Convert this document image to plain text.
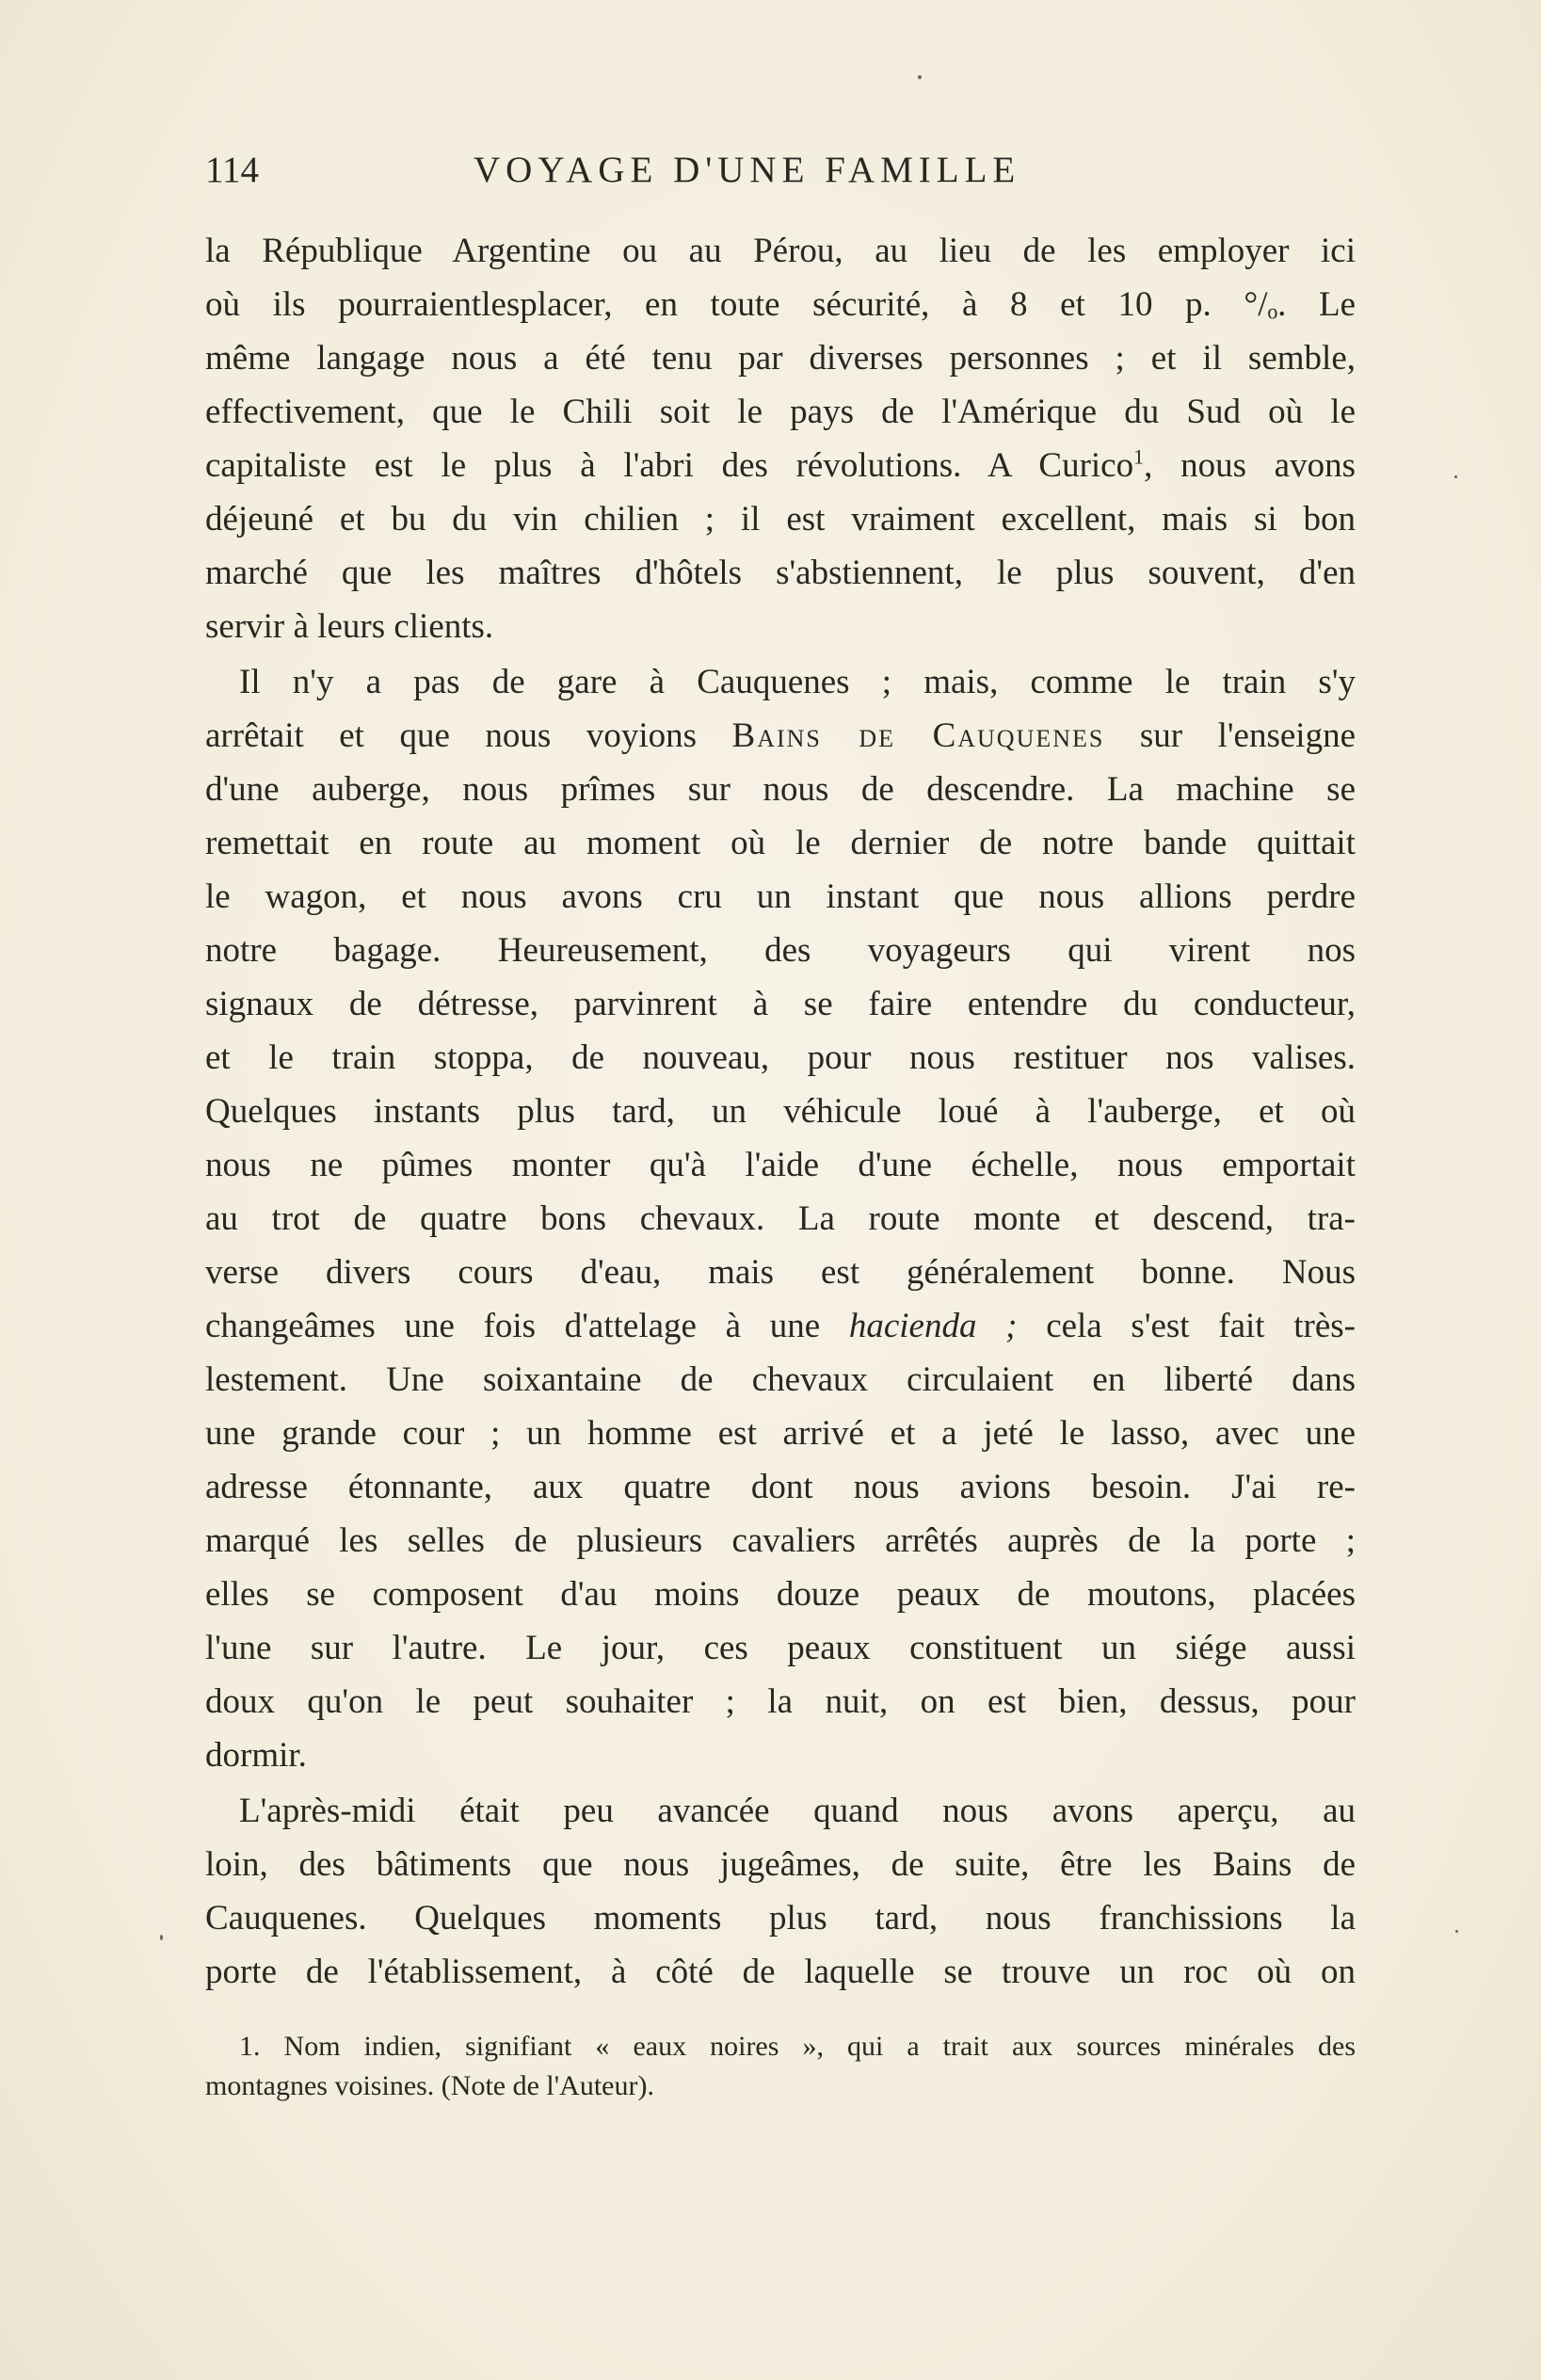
114	VOYAGE D'UNE FAMILLE
la République Argentine ou au Pérou, au lieu de les employer ici
où ils pourraientlesplacer, en toute sécurité, à 8 et 10 p. °/ₒ. Le
même langage nous a été tenu par diverses personnes ; et il semble,
effectivement, que le Chili soit le pays de l'Amérique du Sud où le
capitaliste est le plus à l'abri des révolutions. A Curico$^1$, nous avons
déjeuné et bu du vin chilien ; il est vraiment excellent, mais si bon
marché que les maîtres d'hôtels s'abstiennent, le plus souvent, d'en
servir à leurs clients.
Il n'y a pas de gare à Cauquenes ; mais, comme le train s'y
arrêtait et que nous voyions Bains de Cauquenes sur l'enseigne
d'une auberge, nous prîmes sur nous de descendre. La machine se
remettait en route au moment où le dernier de notre bande quittait
le wagon, et nous avons cru un instant que nous allions perdre
notre bagage. Heureusement, des voyageurs qui virent nos
signaux de détresse, parvinrent à se faire entendre du conducteur,
et le train stoppa, de nouveau, pour nous restituer nos valises.
Quelques instants plus tard, un véhicule loué à l'auberge, et où
nous ne pûmes monter qu'à l'aide d'une échelle, nous emportait
au trot de quatre bons chevaux. La route monte et descend, tra-
verse divers cours d'eau, mais est généralement bonne. Nous
changeâmes une fois d'attelage à une hacienda ; cela s'est fait très-
lestement. Une soixantaine de chevaux circulaient en liberté dans
une grande cour ; un homme est arrivé et a jeté le lasso, avec une
adresse étonnante, aux quatre dont nous avions besoin. J'ai re-
marqué les selles de plusieurs cavaliers arrêtés auprès de la porte ;
elles se composent d'au moins douze peaux de moutons, placées
l'une sur l'autre. Le jour, ces peaux constituent un siége aussi
doux qu'on le peut souhaiter ; la nuit, on est bien, dessus, pour
dormir.
L'après-midi était peu avancée quand nous avons aperçu, au
loin, des bâtiments que nous jugeâmes, de suite, être les Bains de
Cauquenes. Quelques moments plus tard, nous franchissions la
porte de l'établissement, à côté de laquelle se trouve un roc où on
1. Nom indien, signifiant « eaux noires », qui a trait aux sources minérales des
montagnes voisines. (Note de l'Auteur).
